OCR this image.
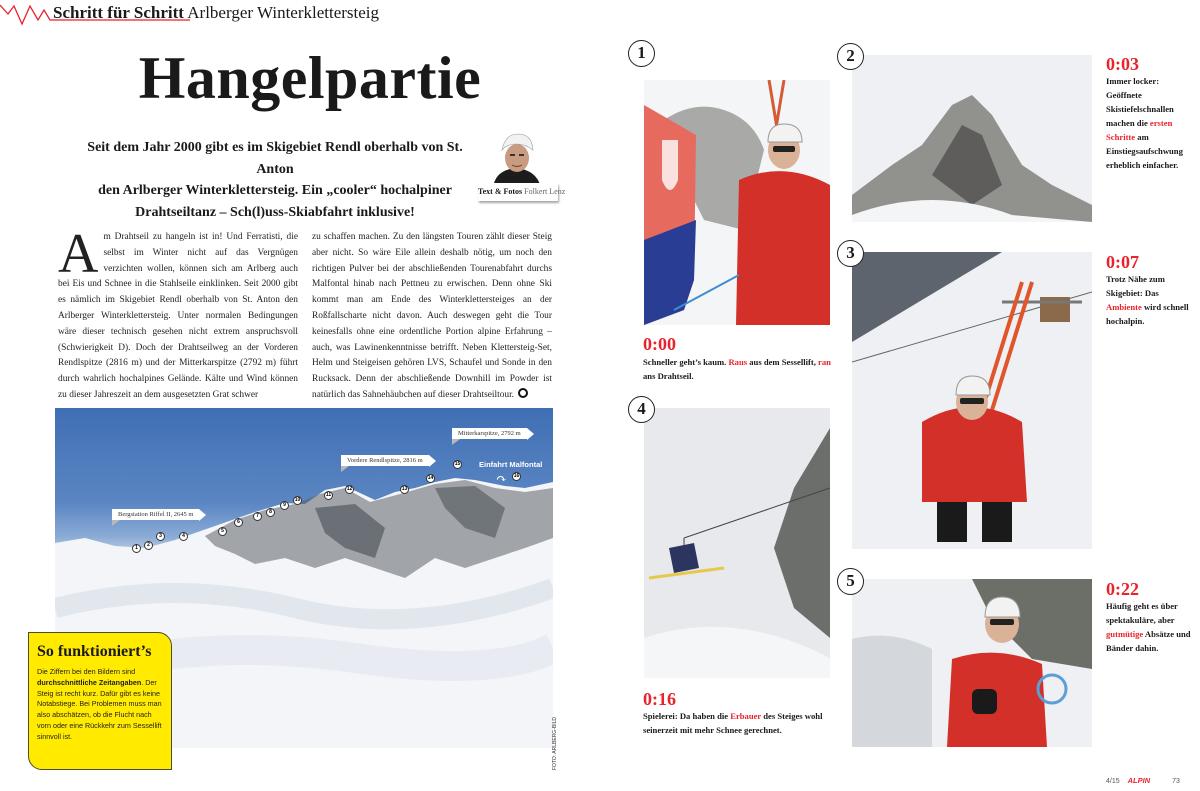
Schritt für Schritt Arlberger Winterklettersteig
Hangelpartie
Seit dem Jahr 2000 gibt es im Skigebiet Rendl oberhalb von St. Anton
den Arlberger Winterklettersteig. Ein „cooler“ hochalpiner
Drahtseiltanz – Sch(l)uss-Skiabfahrt inklusive!
Text & Fotos Folkert Lenz
Am Drahtseil zu hangeln ist in! Und Ferratisti, die selbst im Winter nicht auf das Vergnügen verzichten wollen, können sich am Arlberg auch bei Eis und Schnee in die Stahlseile einklinken. Seit 2000 gibt es nämlich im Skigebiet Rendl oberhalb von St. Anton den Arlberger Winterklettersteig. Unter normalen Bedingungen wäre dieser technisch gesehen nicht extrem anspruchsvoll (Schwierigkeit D). Doch der Drahtseilweg an der Vorderen Rendlspitze (2816 m) und der Mitterkarspitze (2792 m) führt durch wahrlich hochalpines Gelände. Kälte und Wind können zu dieser Jahreszeit an dem ausgesetzten Grat schwer
zu schaffen machen. Zu den längsten Touren zählt dieser Steig aber nicht. So wäre Eile allein deshalb nötig, um noch den richtigen Pulver bei der abschließenden Tourenabfahrt durchs Malfontal hinab nach Pettneu zu erwischen. Denn ohne Ski kommt man am Ende des Winterklettersteiges an der Roßfallscharte nicht davon. Auch deswegen geht die Tour keinesfalls ohne eine ordentliche Portion alpine Erfahrung – auch, was Lawinenkenntnisse betrifft. Neben Klettersteig-Set, Helm und Steigeisen gehören LVS, Schaufel und Sonde in den Rucksack. Denn der abschließende Downhill im Powder ist natürlich das Sahnehäubchen auf dieser Drahtseiltour.
Bergstation Riffel II, 2645 m
Vordere Rendlspitze, 2816 m
Mitterkarspitze, 2792 m
Einfahrt Malfontal
↷
1	2
3	4
5
6
7
8
9
10
11
12	13
14
15
16
FOTO: ARLBERG-BILD
So funktioniert’s
Die Ziffern bei den Bildern sind durchschnittliche Zeitangaben. Der Steig ist recht kurz. Dafür gibt es keine Notabstiege. Bei Problemen muss man also abschätzen, ob die Flucht nach vorn oder eine Rückkehr zum Sessellift sinnvoll ist.
1
0:00
Schneller geht’s kaum. Raus aus dem Sessellift, ran ans Drahtseil.
2	0:03
Immer locker: Geöffnete Skistiefelschnallen machen die ersten Schritte am Einstiegsaufschwung erheblich einfacher.
3	0:07
Trotz Nähe zum Skigebiet: Das Ambiente wird schnell hochalpin.
4
0:16
Spielerei: Da haben die Erbauer des Steiges wohl seinerzeit mit mehr Schnee gerechnet.
5	0:22
Häufig geht es über spektakuläre, aber gutmütige Absätze und Bänder dahin.
4/15 ALPIN	73
